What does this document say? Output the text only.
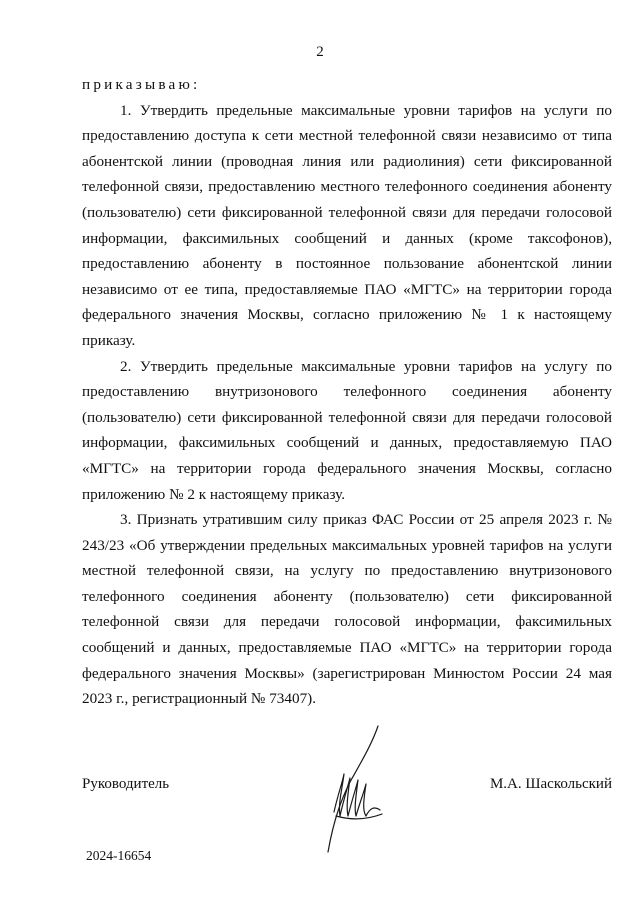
2
приказываю:

1. Утвердить предельные максимальные уровни тарифов на услуги по предоставлению доступа к сети местной телефонной связи независимо от типа абонентской линии (проводная линия или радиолиния) сети фиксированной телефонной связи, предоставлению местного телефонного соединения абоненту (пользователю) сети фиксированной телефонной связи для передачи голосовой информации, факсимильных сообщений и данных (кроме таксофонов), предоставлению абоненту в постоянное пользование абонентской линии независимо от ее типа, предоставляемые ПАО «МГТС» на территории города федерального значения Москвы, согласно приложению № 1 к настоящему приказу.

2. Утвердить предельные максимальные уровни тарифов на услугу по предоставлению внутризонового телефонного соединения абоненту (пользователю) сети фиксированной телефонной связи для передачи голосовой информации, факсимильных сообщений и данных, предоставляемую ПАО «МГТС» на территории города федерального значения Москвы, согласно приложению № 2 к настоящему приказу.

3. Признать утратившим силу приказ ФАС России от 25 апреля 2023 г. № 243/23 «Об утверждении предельных максимальных уровней тарифов на услуги местной телефонной связи, на услугу по предоставлению внутризонового телефонного соединения абоненту (пользователю) сети фиксированной телефонной связи для передачи голосовой информации, факсимильных сообщений и данных, предоставляемые ПАО «МГТС» на территории города федерального значения Москвы» (зарегистрирован Минюстом России 24 мая 2023 г., регистрационный № 73407).

Руководитель	М.А. Шаскольский
2024-16654
